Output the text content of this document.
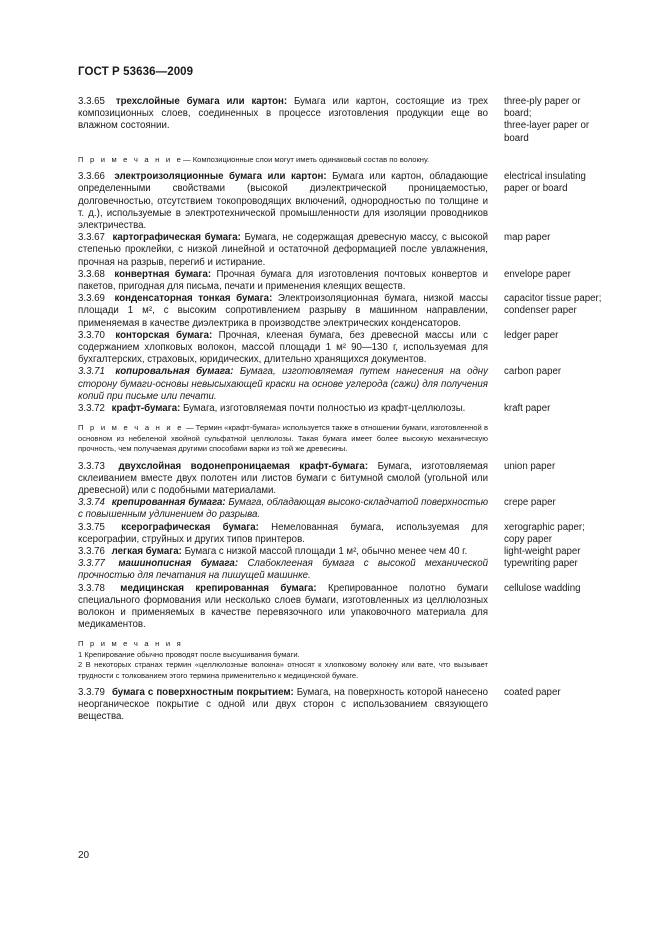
ГОСТ Р 53636—2009
3.3.65 трехслойные бумага или картон: Бумага или картон, состоящие из трех композиционных слоев, соединенных в процессе изготовления продукции еще во влажном состоянии.
three-ply paper or board;
three-layer paper or board
П р и м е ч а н и е— Композиционные слои могут иметь одинаковый состав по волокну.
3.3.66 электроизоляционные бумага или картон: Бумага или картон, обладающие определенными свойствами (высокой диэлектрической проницаемостью, долговечностью, отсутствием токопроводящих включений, однородностью по толщине и т. д.), используемые в электротехнической промышленности для изоляции проводников электричества.
electrical insulating paper or board
3.3.67 картографическая бумага: Бумага, не содержащая древесную массу, с высокой степенью проклейки, с низкой линейной и остаточной деформацией после увлажнения, прочная на разрыв, перегиб и истирание.
map paper
3.3.68 конвертная бумага: Прочная бумага для изготовления почтовых конвертов и пакетов, пригодная для письма, печати и применения клеящих веществ.
envelope paper
3.3.69 конденсаторная тонкая бумага: Электроизоляционная бумага, низкой массы площади 1 м², с высоким сопротивлением разрыву в машинном направлении, применяемая в качестве диэлектрика в производстве электрических конденсаторов.
capacitor tissue paper;
condenser paper
3.3.70 конторская бумага: Прочная, клееная бумага, без древесной массы или с содержанием хлопковых волокон, массой площади 1 м² 90—130 г, используемая для бухгалтерских, страховых, юридических, длительно хранящихся документов.
ledger paper
3.3.71 копировальная бумага: Бумага, изготовляемая путем нанесения на одну сторону бумаги-основы невысыхающей краски на основе углерода (сажи) для получения копий при письме или печати.
carbon paper
3.3.72 крафт-бумага: Бумага, изготовляемая почти полностью из крафт-целлюлозы.	kraft paper
П р и м е ч а н и е — Термин «крафт-бумага» используется также в отношении бумаги, изготовленной в основном из небеленой хвойной сульфатной целлюлозы. Такая бумага имеет более высокую механическую прочность, чем получаемая другими способами варки из той же древесины.
3.3.73 двухслойная водонепроницаемая крафт-бумага: Бумага, изготовляемая склеиванием вместе двух полотен или листов бумаги с битумной смолой (угольной или древесной) или с подобными материалами.
union paper
3.3.74 крепированная бумага: Бумага, обладающая высоко-складчатой поверхностью с повышенным удлинением до разрыва.
crepe paper
3.3.75 ксерографическая бумага: Немелованная бумага, используемая для ксерографии, струйных и других типов принтеров.
xerographic paper;
copy paper
3.3.76 легкая бумага: Бумага с низкой массой площади 1 м², обычно менее чем 40 г.	light-weight paper
3.3.77 машинописная бумага: Слабоклееная бумага с высокой механической прочностью для печатания на пишущей машинке.
typewriting paper
3.3.78 медицинская крепированная бумага: Крепированное полотно бумаги специального формования или несколько слоев бумаги, изготовленных из целлюлозных волокон и применяемых в качестве перевязочного или упаковочного материала для медикаментов.
cellulose wadding
П р и м е ч а н и я
1 Крепирование обычно проводят после высушивания бумаги.
2 В некоторых странах термин «целлюлозные волокна» относят к хлопковому волокну или вате, что вызывает трудности с толкованием этого термина применительно к медицинской бумаге.
3.3.79 бумага с поверхностным покрытием: Бумага, на поверхность которой нанесено неорганическое покрытие с одной или двух сторон с использованием связующего вещества.
coated paper
20
